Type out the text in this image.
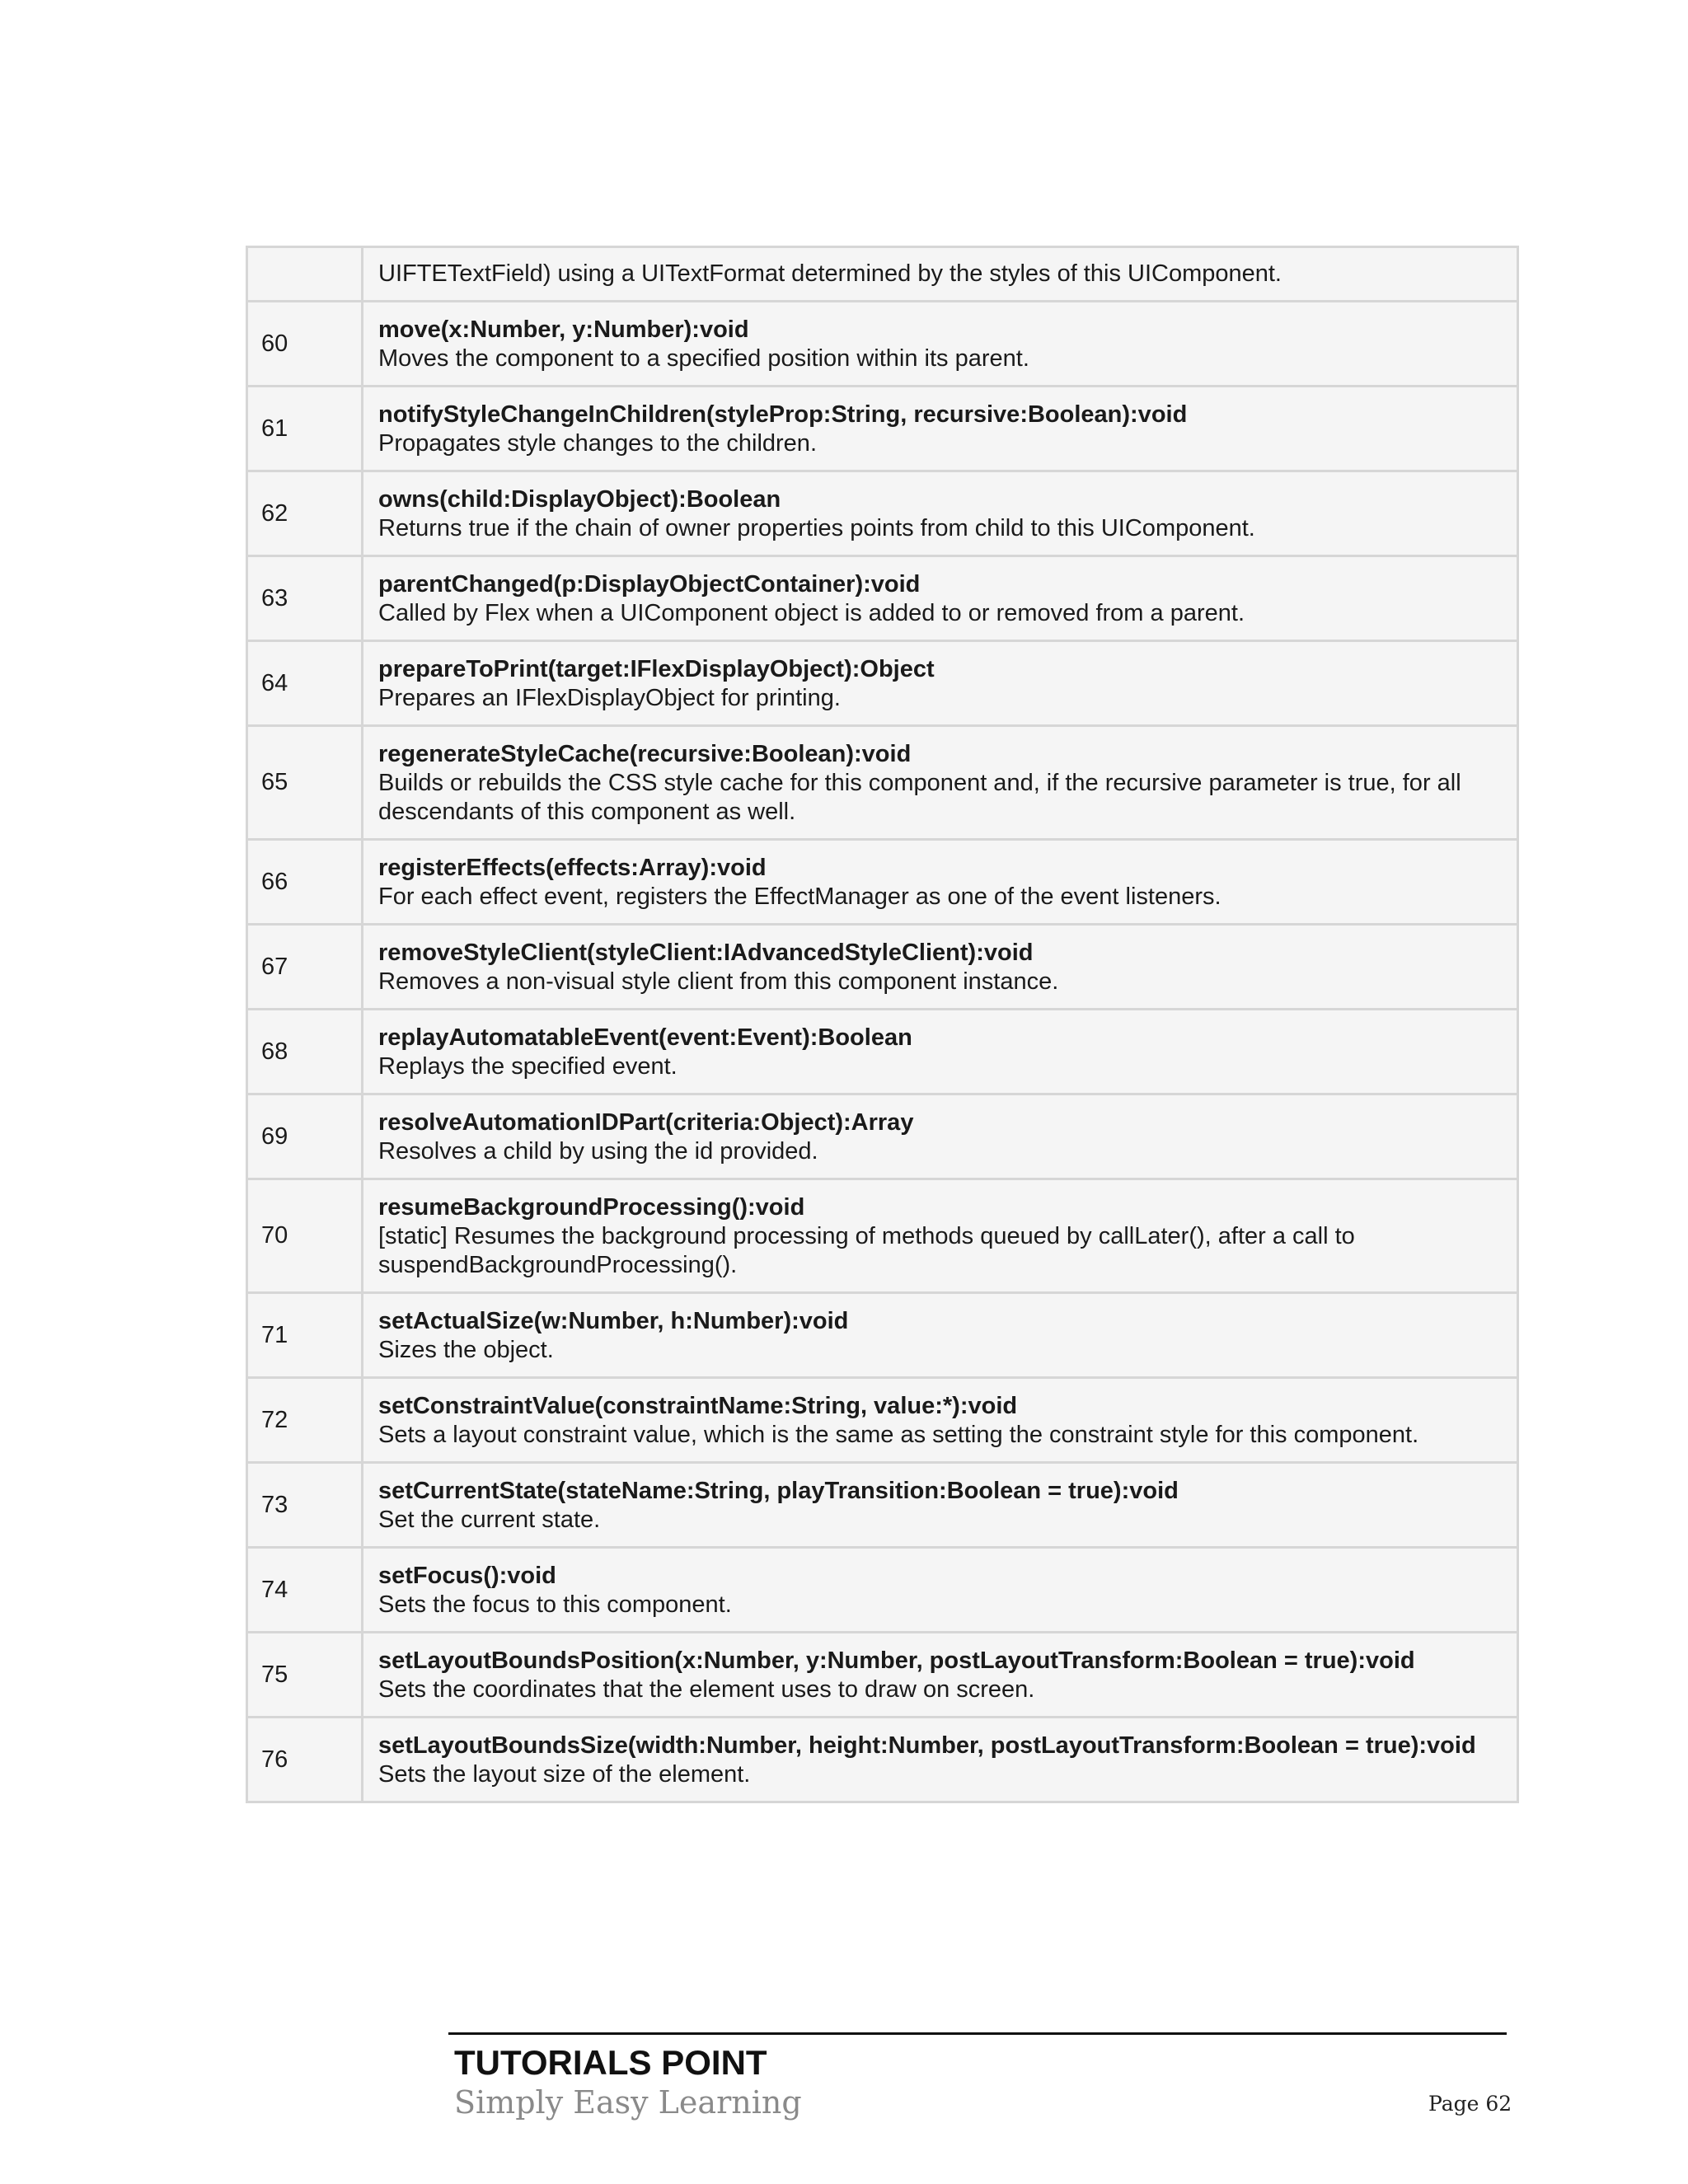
	UIFTETextField) using a UITextFormat determined by the styles of this UIComponent.

60	move(x:Number, y:Number):void
Moves the component to a specified position within its parent.

61	notifyStyleChangeInChildren(styleProp:String, recursive:Boolean):void
Propagates style changes to the children.

62	owns(child:DisplayObject):Boolean
Returns true if the chain of owner properties points from child to this UIComponent.

63	parentChanged(p:DisplayObjectContainer):void
Called by Flex when a UIComponent object is added to or removed from a parent.

64	prepareToPrint(target:IFlexDisplayObject):Object
Prepares an IFlexDisplayObject for printing.

65	regenerateStyleCache(recursive:Boolean):void
Builds or rebuilds the CSS style cache for this component and, if the recursive parameter is true, for all descendants of this component as well.

66	registerEffects(effects:Array):void
For each effect event, registers the EffectManager as one of the event listeners.

67	removeStyleClient(styleClient:IAdvancedStyleClient):void
Removes a non-visual style client from this component instance.

68	replayAutomatableEvent(event:Event):Boolean
Replays the specified event.

69	resolveAutomationIDPart(criteria:Object):Array
Resolves a child by using the id provided.

70	resumeBackgroundProcessing():void
[static] Resumes the background processing of methods queued by callLater(), after a call to suspendBackgroundProcessing().

71	setActualSize(w:Number, h:Number):void
Sizes the object.

72	setConstraintValue(constraintName:String, value:*):void
Sets a layout constraint value, which is the same as setting the constraint style for this component.

73	setCurrentState(stateName:String, playTransition:Boolean = true):void
Set the current state.

74	setFocus():void
Sets the focus to this component.

75	setLayoutBoundsPosition(x:Number, y:Number, postLayoutTransform:Boolean = true):void
Sets the coordinates that the element uses to draw on screen.

76	setLayoutBoundsSize(width:Number, height:Number, postLayoutTransform:Boolean = true):void
Sets the layout size of the element.
TUTORIALS POINT
Simply Easy Learning	Page 62
